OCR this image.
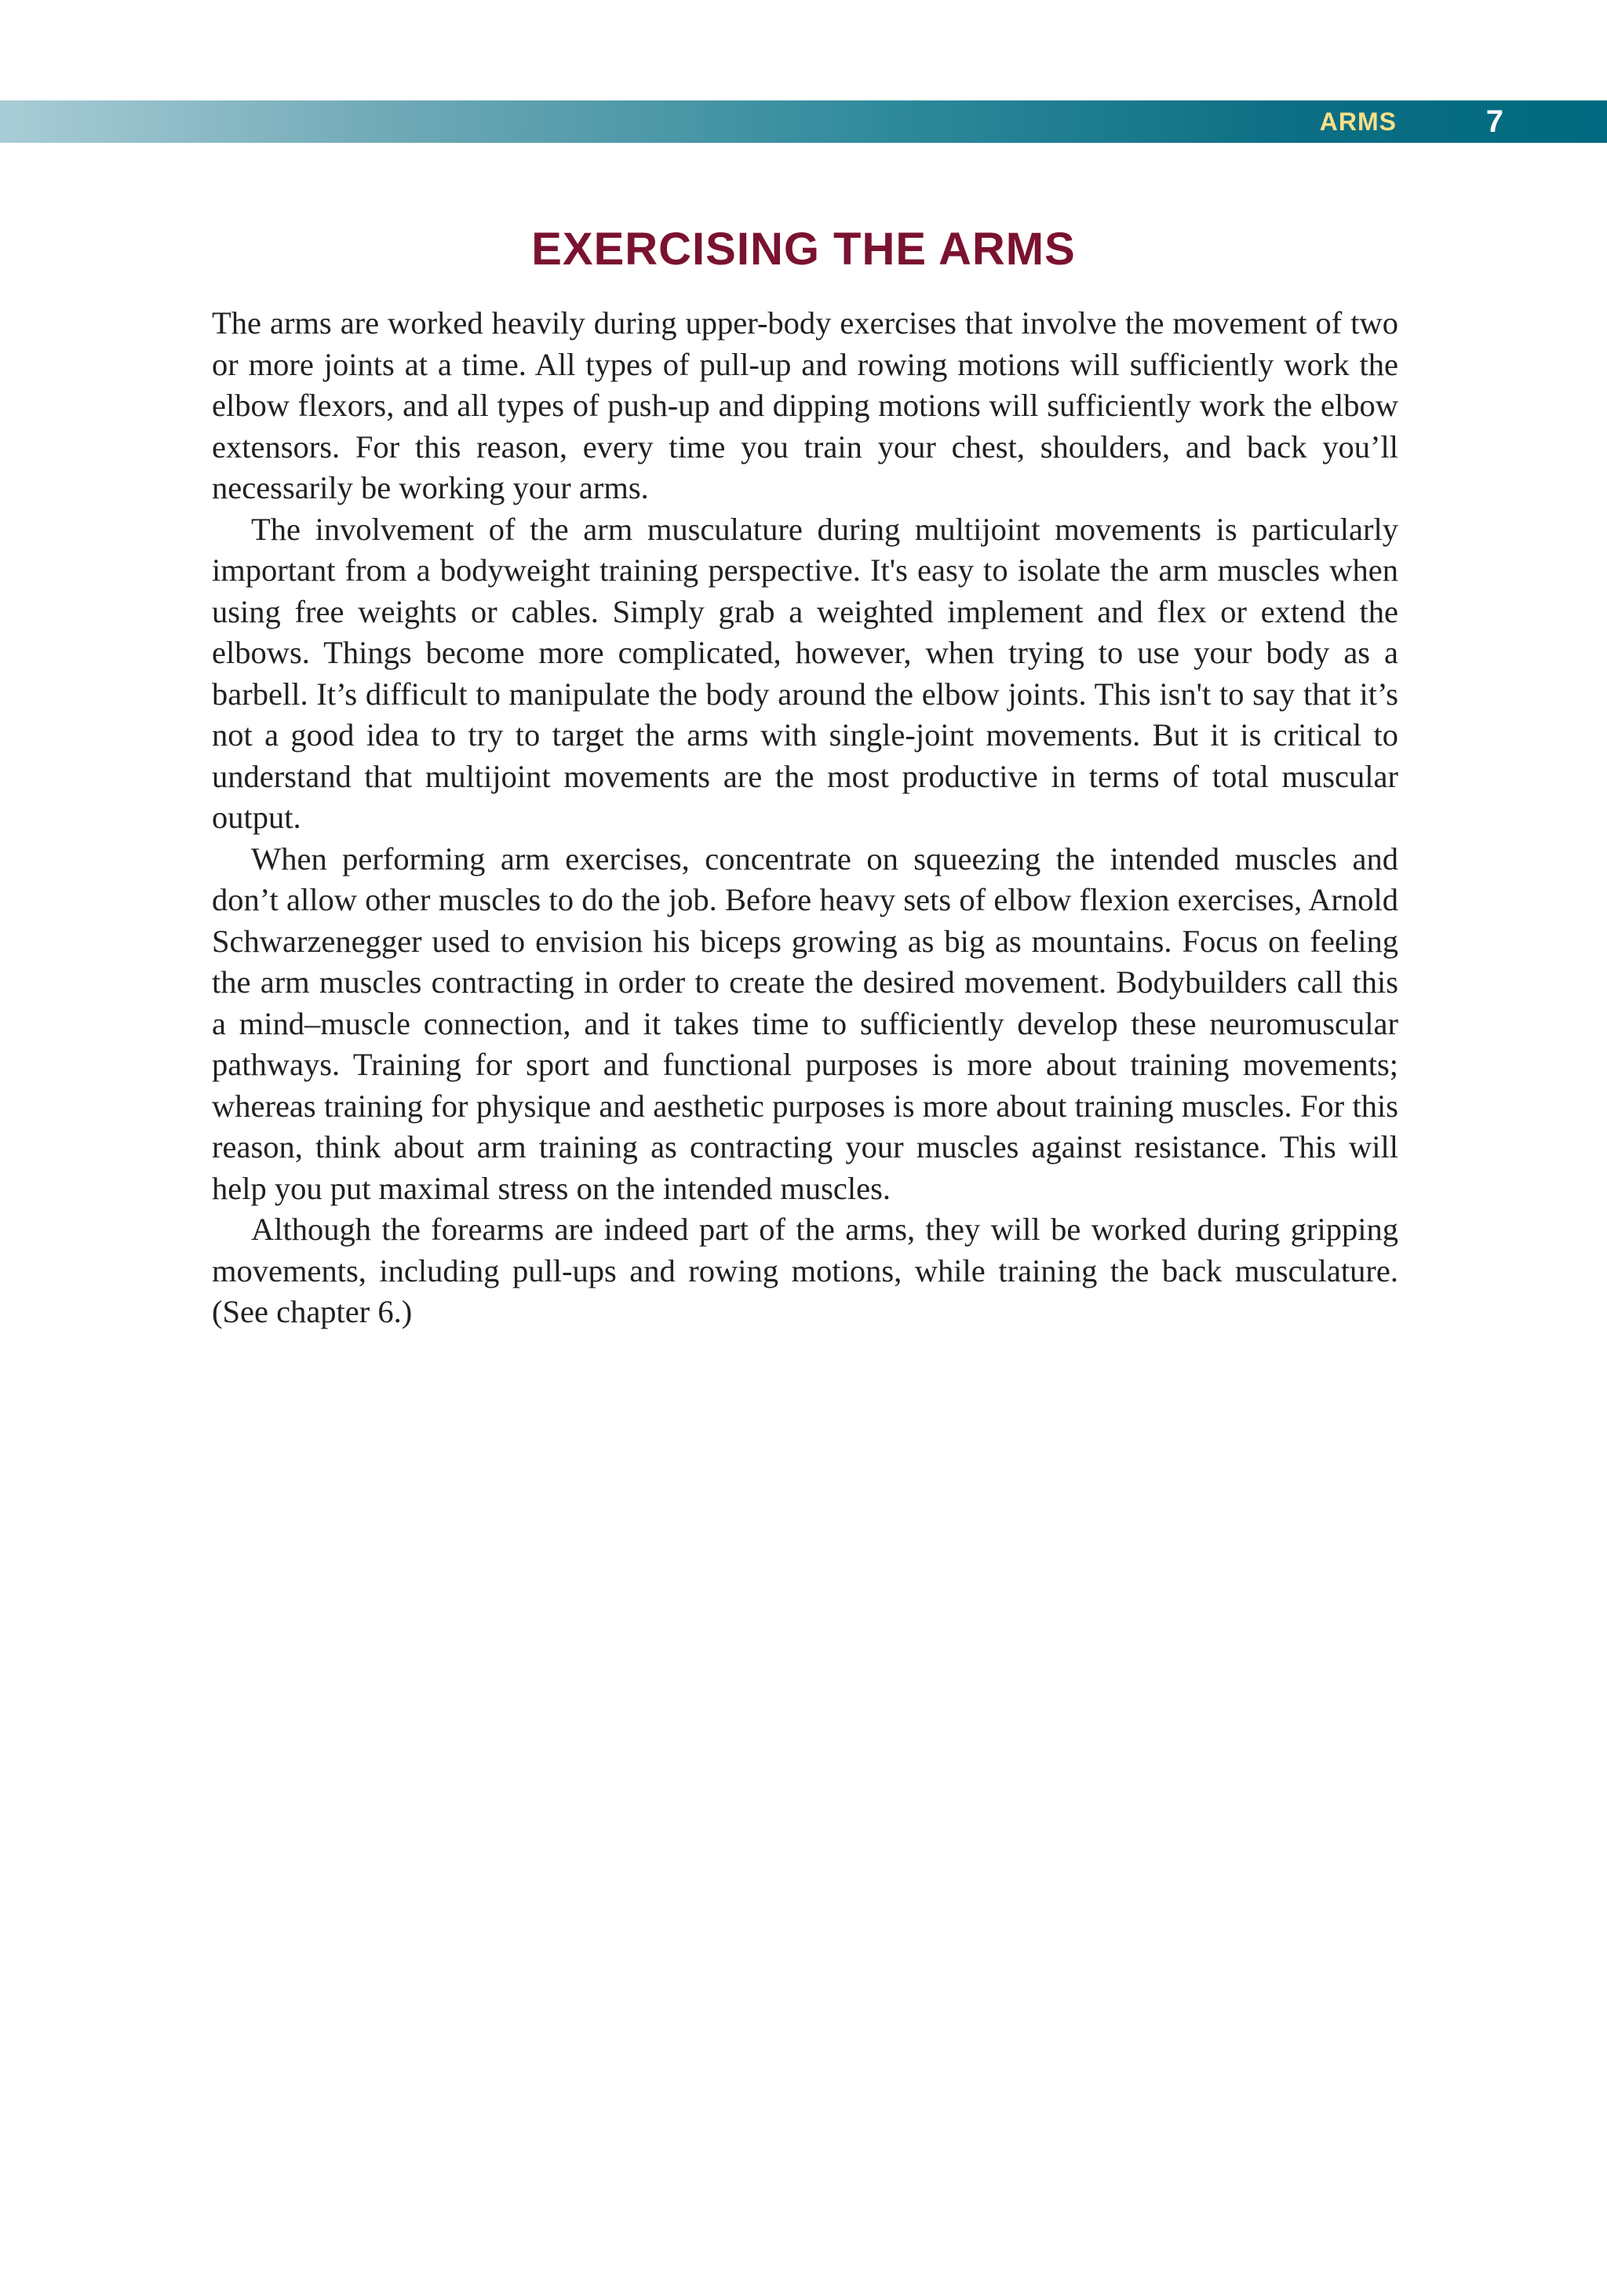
ARMS	7
EXERCISING THE ARMS

The arms are worked heavily during upper-body exercises that involve the movement of two or more joints at a time. All types of pull-up and rowing motions will sufficiently work the elbow flexors, and all types of push-up and dipping motions will sufficiently work the elbow extensors. For this reason, every time you train your chest, shoulders, and back you’ll necessarily be working your arms.

The involvement of the arm musculature during multijoint movements is particularly important from a bodyweight training perspective. It's easy to isolate the arm muscles when using free weights or cables. Simply grab a weighted implement and flex or extend the elbows. Things become more complicated, however, when trying to use your body as a barbell. It’s difficult to manipulate the body around the elbow joints. This isn't to say that it’s not a good idea to try to target the arms with single-joint movements. But it is critical to understand that multijoint movements are the most productive in terms of total muscular output.

When performing arm exercises, concentrate on squeezing the intended muscles and don’t allow other muscles to do the job. Before heavy sets of elbow flexion exercises, Arnold Schwarzenegger used to envision his biceps growing as big as mountains. Focus on feeling the arm muscles contracting in order to create the desired movement. Bodybuilders call this a mind–muscle connection, and it takes time to sufficiently develop these neuromuscular pathways. Training for sport and functional purposes is more about training movements; whereas training for physique and aesthetic purposes is more about training muscles. For this reason, think about arm training as contracting your muscles against resistance. This will help you put maximal stress on the intended muscles.

Although the forearms are indeed part of the arms, they will be worked during gripping movements, including pull-ups and rowing motions, while training the back musculature. (See chapter 6.)
